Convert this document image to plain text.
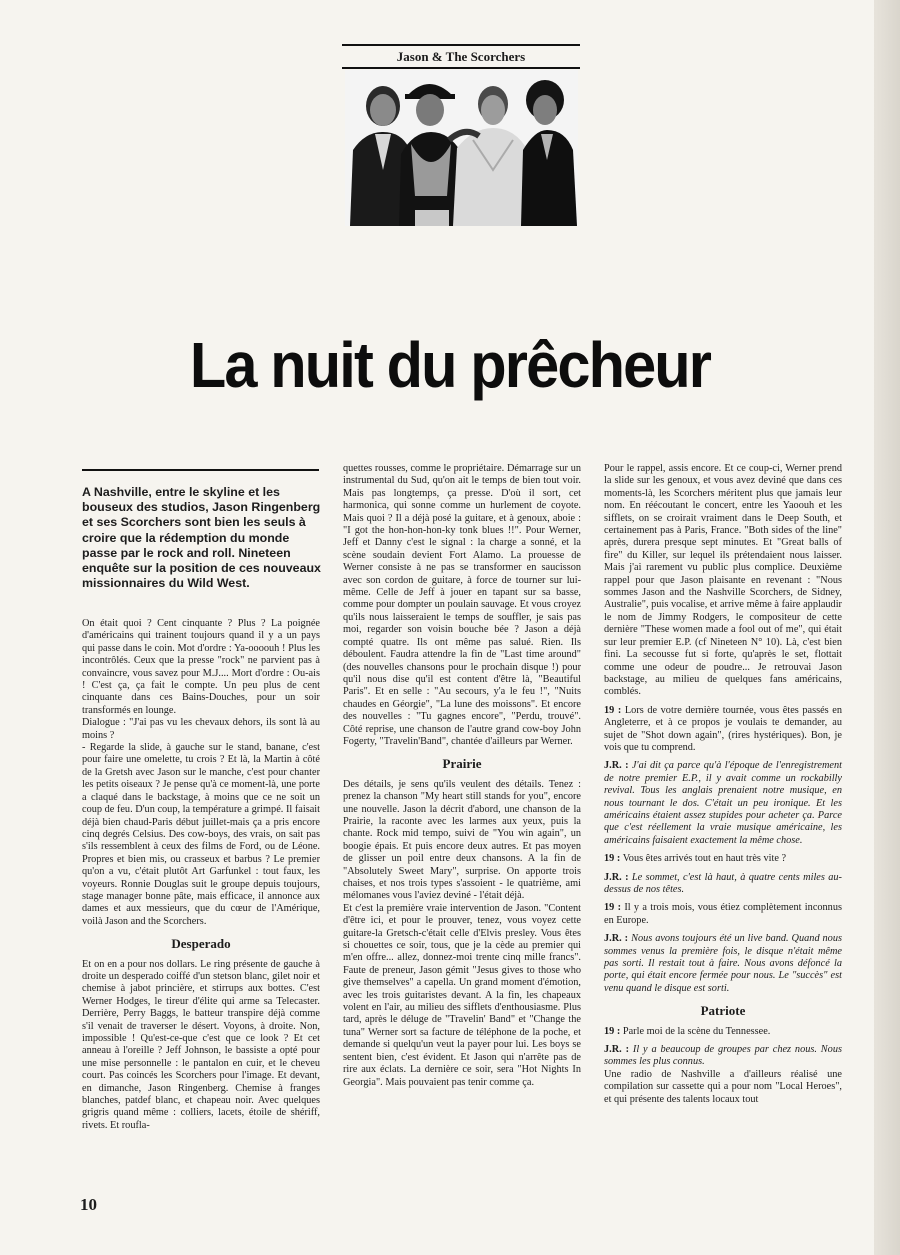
Jason & The Scorchers
La nuit du prêcheur
A Nashville, entre le skyline et les bouseux des studios, Jason Ringenberg et ses Scorchers sont bien les seuls à croire que la rédemption du monde passe par le rock and roll. Nineteen enquête sur la position de ces nouveaux missionnaires du Wild West.

On était quoi ? Cent cinquante ? Plus ? La poignée d'américains qui trainent toujours quand il y a un pays qui passe dans le coin. Mot d'ordre : Ya-oooouh ! Plus les incontrôlés. Ceux que la presse "rock" ne parvient pas à convaincre, vous savez pour M.J.... Mort d'ordre : Ou-ais ! C'est ça, ça fait le compte. Un peu plus de cent cinquante dans ces Bains-Douches, pour un soir transformés en lounge.

Dialogue : "J'ai pas vu les chevaux dehors, ils sont là au moins ?

- Regarde la slide, à gauche sur le stand, banane, c'est pour faire une omelette, tu crois ? Et là, la Martin à côté de la Gretsh avec Jason sur le manche, c'est pour chanter les petits oiseaux ? Je pense qu'à ce moment-là, une porte a claqué dans le backstage, à moins que ce ne soit un coup de feu. D'un coup, la température a grimpé. Il faisait déjà bien chaud-Paris début juillet-mais ça a pris encore cinq degrés Celsius. Des cow-boys, des vrais, on sait pas s'ils ressemblent à ceux des films de Ford, ou de Léone. Propres et bien mis, ou crasseux et barbus ? Le premier qu'on a vu, c'était plutôt Art Garfunkel : tout faux, les voyeurs. Ronnie Douglas suit le groupe depuis toujours, stage manager bonne pâte, mais efficace, il annonce aux dames et aux messieurs, que du cœur de l'Amérique, voilà Jason and the Scorchers.

Desperado

Et on en a pour nos dollars. Le ring présente de gauche à droite un desperado coiffé d'un stetson blanc, gilet noir et chemise à jabot princière, et stirrups aux bottes. C'est Werner Hodges, le tireur d'élite qui arme sa Telecaster. Derrière, Perry Baggs, le batteur transpire déjà comme s'il venait de traverser le désert. Voyons, à droite. Non, impossible ! Qu'est-ce-que c'est que ce look ? Et cet anneau à l'oreille ? Jeff Johnson, le bassiste a opté pour une mise personnelle : le pantalon en cuir, et le cheveu court. Pas coincés les Scorchers pour l'image. Et devant, en dimanche, Jason Ringenberg. Chemise à franges blanches, patdef blanc, et chapeau noir. Avec quelques grigris quand même : colliers, lacets, étoile de shériff, rivets. Et roufla-

quettes rousses, comme le propriétaire. Démarrage sur un instrumental du Sud, qu'on ait le temps de bien tout voir. Mais pas longtemps, ça presse. D'où il sort, cet harmonica, qui sonne comme un hurlement de coyote. Mais quoi ? Il a déjà posé la guitare, et à genoux, aboie : "I got the hon-hon-hon-ky tonk blues !!". Pour Werner, Jeff et Danny c'est le signal : la charge a sonné, et la scène soudain devient Fort Alamo. La prouesse de Werner consiste à ne pas se transformer en saucisson avec son cordon de guitare, à force de tourner sur lui-même. Celle de Jeff à jouer en tapant sur sa basse, comme pour dompter un poulain sauvage. Et vous croyez qu'ils nous laisseraient le temps de souffler, je sais pas moi, regarder son voisin bouche bée ? Jason a déjà compté quatre. Ils ont même pas salué. Rien. Ils déboulent. Faudra attendre la fin de "Last time around" (des nouvelles chansons pour le prochain disque !) pour qu'il nous dise qu'il est content d'être là, "Beautiful Paris". Et en selle : "Au secours, y'a le feu !", "Nuits chaudes en Géorgie", "La lune des moissons". Et encore des nouvelles : "Tu gagnes encore", "Perdu, trouvé". Côté reprise, une chanson de l'autre grand cow-boy John Fogerty, "Travelin'Band", chantée d'ailleurs par Werner.

Prairie

Des détails, je sens qu'ils veulent des détails. Tenez : prenez la chanson "My heart still stands for you", encore une nouvelle. Jason la décrit d'abord, une chanson de la Prairie, la raconte avec les larmes aux yeux, puis la chante. Rock mid tempo, suivi de "You win again", un boogie épais. Et puis encore deux autres. Et pas moyen de glisser un poil entre deux chansons. A la fin de "Absolutely Sweet Mary", surprise. On apporte trois chaises, et nos trois types s'assoient - le quatrième, ami mélomanes vous l'aviez deviné - l'était déjà.

Et c'est la première vraie intervention de Jason. "Content d'être ici, et pour le prouver, tenez, vous voyez cette guitare-la Gretsch-c'était celle d'Elvis presley. Vous êtes si chouettes ce soir, tous, que je la cède au premier qui m'en offre... allez, donnez-moi trente cinq mille francs". Faute de preneur, Jason gémit "Jesus gives to those who give themselves" a capella. Un grand moment d'émotion, avec les trois guitaristes devant. A la fin, les chapeaux volent en l'air, au milieu des sifflets d'enthousiasme. Plus tard, après le déluge de "Travelin' Band" et "Change the tuna" Werner sort sa facture de téléphone de la poche, et demande si quelqu'un veut la payer pour lui. Les boys se sentent bien, c'est évident. Et Jason qui n'arrête pas de rire aux éclats. La dernière ce soir, sera "Hot Nights In Georgia". Mais pouvaient pas tenir comme ça.

Pour le rappel, assis encore. Et ce coup-ci, Werner prend la slide sur les genoux, et vous avez deviné que dans ces moments-là, les Scorchers méritent plus que jamais leur nom. En réécoutant le concert, entre les Yaoouh et les sifflets, on se croirait vraiment dans le Deep South, et certainement pas à Paris, France. "Both sides of the line" après, durera presque sept minutes. Et "Great balls of fire" du Killer, sur lequel ils prétendaient nous laisser. Mais j'ai rarement vu public plus complice. Deuxième rappel pour que Jason plaisante en revenant : "Nous sommes Jason and the Nashville Scorchers, de Sidney, Australie", puis vocalise, et arrive même à faire applaudir le nom de Jimmy Rodgers, le compositeur de cette dernière "These women made a fool out of me", qui était sur leur premier E.P. (cf Nineteen N° 10). Là, c'est bien fini. La secousse fut si forte, qu'après le set, flottait comme une odeur de poudre... Je retrouvai Jason backstage, au milieu de quelques fans américains, comblés.

19 : Lors de votre dernière tournée, vous êtes passés en Angleterre, et à ce propos je voulais te demander, au sujet de "Shot down again", (rires hystériques). Bon, je vois que tu comprend.

J.R. : J'ai dit ça parce qu'à l'époque de l'enregistrement de notre premier E.P., il y avait comme un rockabilly revival. Tous les anglais prenaient notre musique, en nous tournant le dos. C'était un peu ironique. Et les américains étaient assez stupides pour acheter ça. Parce que c'est réellement la vraie musique américaine, les américains faisaient exactement la même chose.

19 : Vous êtes arrivés tout en haut très vite ?

J.R. : Le sommet, c'est là haut, à quatre cents miles au-dessus de nos têtes.

19 : Il y a trois mois, vous étiez complètement inconnus en Europe.

J.R. : Nous avons toujours été un live band. Quand nous sommes venus la première fois, le disque n'était même pas sorti. Il restait tout à faire. Nous avons défoncé la porte, qui était encore fermée pour nous. Le "succès" est venu quand le disque est sorti.

Patriote

19 : Parle moi de la scène du Tennessee.

J.R. : Il y a beaucoup de groupes par chez nous. Nous sommes les plus connus.

Une radio de Nashville a d'ailleurs réalisé une compilation sur cassette qui a pour nom "Local Heroes", et qui présente des talents locaux tout

10
